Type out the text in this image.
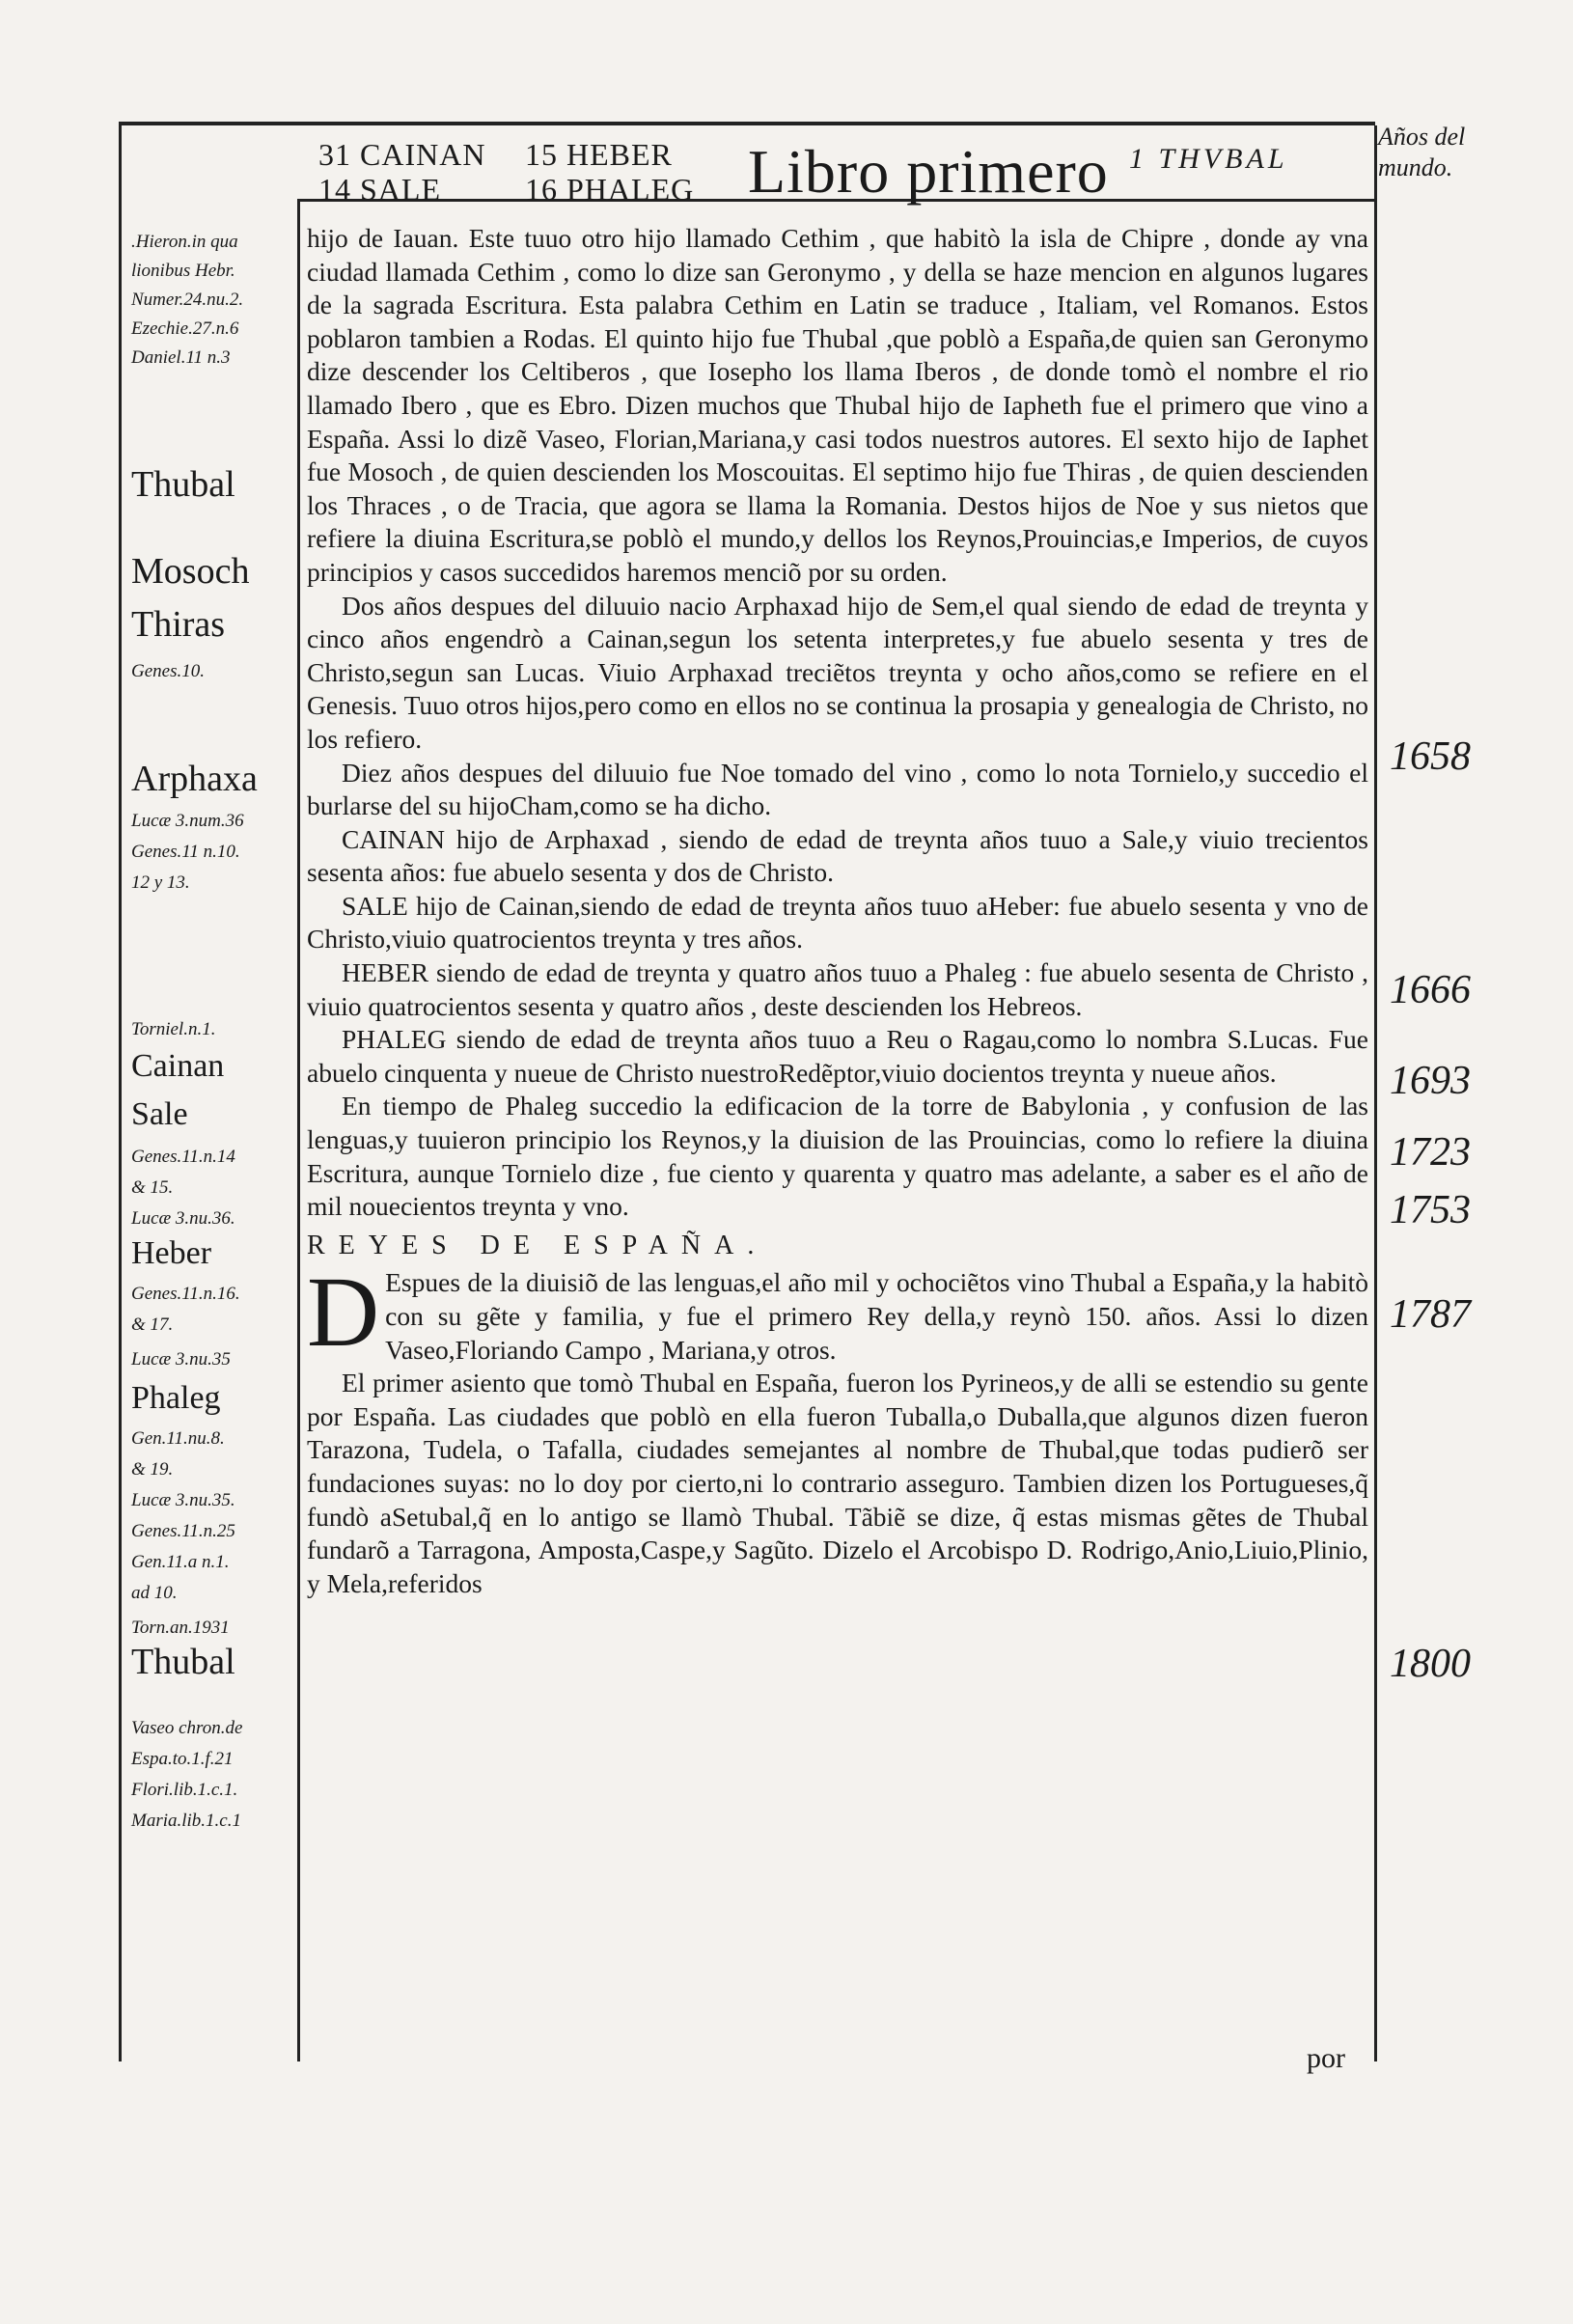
31 CAINAN
14 SALE
15 HEBER
16 PHALEG Libro primero 1 THVBAL
Años del
mundo.
.Hieron.in qua
lionibus Hebr.
Numer.24.nu.2.
Ezechie.27.n.6
Daniel.11 n.3
Thubal
Mosoch
Thiras
Genes.10.
Arphaxa
Lucæ 3.num.36
Genes.11 n.10.
12 y 13.
Torniel.n.1.
Cainan
Sale
Genes.11.n.14
& 15.
Lucæ 3.nu.36.
Heber
Genes.11.n.16.
& 17.
Lucæ 3.nu.35
Phaleg
Gen.11.nu.8.
& 19.
Lucæ 3.nu.35.
Genes.11.n.25
Gen.11.a n.1.
ad 10.
Torn.an.1931
Thubal
Vaseo chron.de
Espa.to.1.f.21
Flori.lib.1.c.1.
Maria.lib.1.c.1

hijo de Iauan. Este tuuo otro hijo llamado Cethim , que habitò la isla de Chipre , donde ay vna ciudad llamada Cethim , como lo dize san Geronymo , y della se haze mencion en algunos lugares de la sagrada Escritura. Esta palabra Cethim en Latin se traduce , Italiam, vel Romanos. Estos poblaron tambien a Rodas. El quinto hijo fue Thubal ,que poblò a España,de quien san Geronymo dize descender los Celtiberos , que Iosepho los llama Iberos , de donde tomò el nombre el rio llamado Ibero , que es Ebro. Dizen muchos que Thubal hijo de Iapheth fue el primero que vino a España. Assi lo dizẽ Vaseo, Florian,Mariana,y casi todos nuestros autores. El sexto hijo de Iaphet fue Mosoch , de quien descienden los Moscouitas. El septimo hijo fue Thiras , de quien descienden los Thraces , o de Tracia, que agora se llama la Romania. Destos hijos de Noe y sus nietos que refiere la diuina Escritura,se poblò el mundo,y dellos los Reynos,Prouincias,e Imperios, de cuyos principios y casos succedidos haremos menciõ por su orden.

Dos años despues del diluuio nacio Arphaxad hijo de Sem,el qual siendo de edad de treynta y cinco años engendrò a Cainan,segun los setenta interpretes,y fue abuelo sesenta y tres de Christo,segun san Lucas. Viuio Arphaxad treciẽtos treynta y ocho años,como se refiere en el Genesis. Tuuo otros hijos,pero como en ellos no se continua la prosapia y genealogia de Christo, no los refiero.

Diez años despues del diluuio fue Noe tomado del vino , como lo nota Tornielo,y succedio el burlarse del su hijoCham,como se ha dicho.

CAINAN hijo de Arphaxad , siendo de edad de treynta años tuuo a Sale,y viuio trecientos sesenta años: fue abuelo sesenta y dos de Christo.

SALE hijo de Cainan,siendo de edad de treynta años tuuo aHeber: fue abuelo sesenta y vno de Christo,viuio quatrocientos treynta y tres años.

HEBER siendo de edad de treynta y quatro años tuuo a Phaleg : fue abuelo sesenta de Christo , viuio quatrocientos sesenta y quatro años , deste descienden los Hebreos.

PHALEG siendo de edad de treynta años tuuo a Reu o Ragau,como lo nombra S.Lucas. Fue abuelo cinquenta y nueue de Christo nuestroRedẽptor,viuio docientos treynta y nueue años.

En tiempo de Phaleg succedio la edificacion de la torre de Babylonia , y confusion de las lenguas,y tuuieron principio los Reynos,y la diuision de las Prouincias, como lo refiere la diuina Escritura, aunque Tornielo dize , fue ciento y quarenta y quatro mas adelante, a saber es el año de mil nouecientos treynta y vno.

REYES DE ESPAÑA.

D Espues de la diuisiõ de las lenguas,el año mil y ochociẽtos vino Thubal a España,y la habitò con su gẽte y familia, y fue el primero Rey della,y reynò 150. años. Assi lo dizen Vaseo,Floriando Campo , Mariana,y otros.

El primer asiento que tomò Thubal en España, fueron los Pyrineos,y de alli se estendio su gente por España. Las ciudades que poblò en ella fueron Tuballa,o Duballa,que algunos dizen fueron Tarazona, Tudela, o Tafalla, ciudades semejantes al nombre de Thubal,que todas pudierõ ser fundaciones suyas: no lo doy por cierto,ni lo contrario asseguro. Tambien dizen los Portugueses,q̃ fundò aSetubal,q̃ en lo antigo se llamò Thubal. Tãbiẽ se dize, q̃ estas mismas gẽtes de Thubal fundarõ a Tarragona, Amposta,Caspe,y Sagũto. Dizelo el Arcobispo D. Rodrigo,Anio,Liuio,Plinio, y Mela,referidos

1658
1666
1693
1723
1753
1787
1800
por
